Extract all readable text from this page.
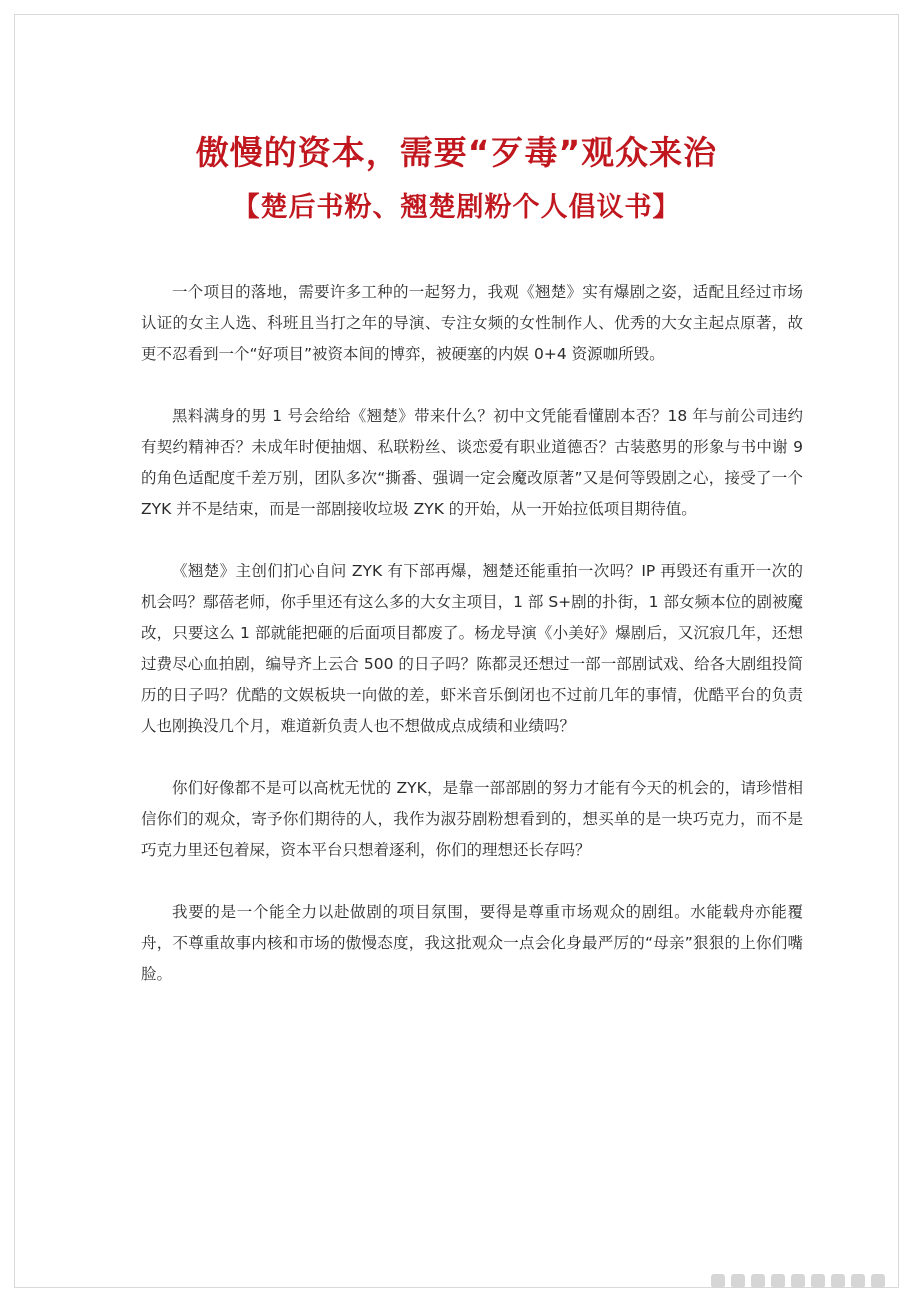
傲慢的资本，需要“歹毒”观众来治
【楚后书粉、翘楚剧粉个人倡议书】

一个项目的落地，需要许多工种的一起努力，我观《翘楚》实有爆剧之姿，适配且经过市场认证的女主人选、科班且当打之年的导演、专注女频的女性制作人、优秀的大女主起点原著，故更不忍看到一个“好项目”被资本间的博弈，被硬塞的内娱 0+4 资源咖所毁。

黑料满身的男 1 号会给给《翘楚》带来什么？初中文凭能看懂剧本否？18 年与前公司违约有契约精神否？未成年时便抽烟、私联粉丝、谈恋爱有职业道德否？古装憨男的形象与书中谢 9 的角色适配度千差万别，团队多次“撕番、强调一定会魔改原著”又是何等毁剧之心，接受了一个 ZYK 并不是结束，而是一部剧接收垃圾 ZYK 的开始，从一开始拉低项目期待值。

《翘楚》主创们扪心自问 ZYK 有下部再爆，翘楚还能重拍一次吗？IP 再毁还有重开一次的机会吗？鄢蓓老师，你手里还有这么多的大女主项目，1 部 S+剧的扑街，1 部女频本位的剧被魔改，只要这么 1 部就能把砸的后面项目都废了。杨龙导演《小美好》爆剧后，又沉寂几年，还想过费尽心血拍剧，编导齐上云合 500 的日子吗？陈都灵还想过一部一部剧试戏、给各大剧组投简历的日子吗？优酷的文娱板块一向做的差，虾米音乐倒闭也不过前几年的事情，优酷平台的负责人也刚换没几个月，难道新负责人也不想做成点成绩和业绩吗？

你们好像都不是可以高枕无忧的 ZYK，是靠一部部剧的努力才能有今天的机会的，请珍惜相信你们的观众，寄予你们期待的人，我作为淑芬剧粉想看到的，想买单的是一块巧克力，而不是巧克力里还包着屎，资本平台只想着逐利，你们的理想还长存吗？

我要的是一个能全力以赴做剧的项目氛围，要得是尊重市场观众的剧组。水能载舟亦能覆舟，不尊重故事内核和市场的傲慢态度，我这批观众一点会化身最严厉的“母亲”狠狠的上你们嘴脸。
